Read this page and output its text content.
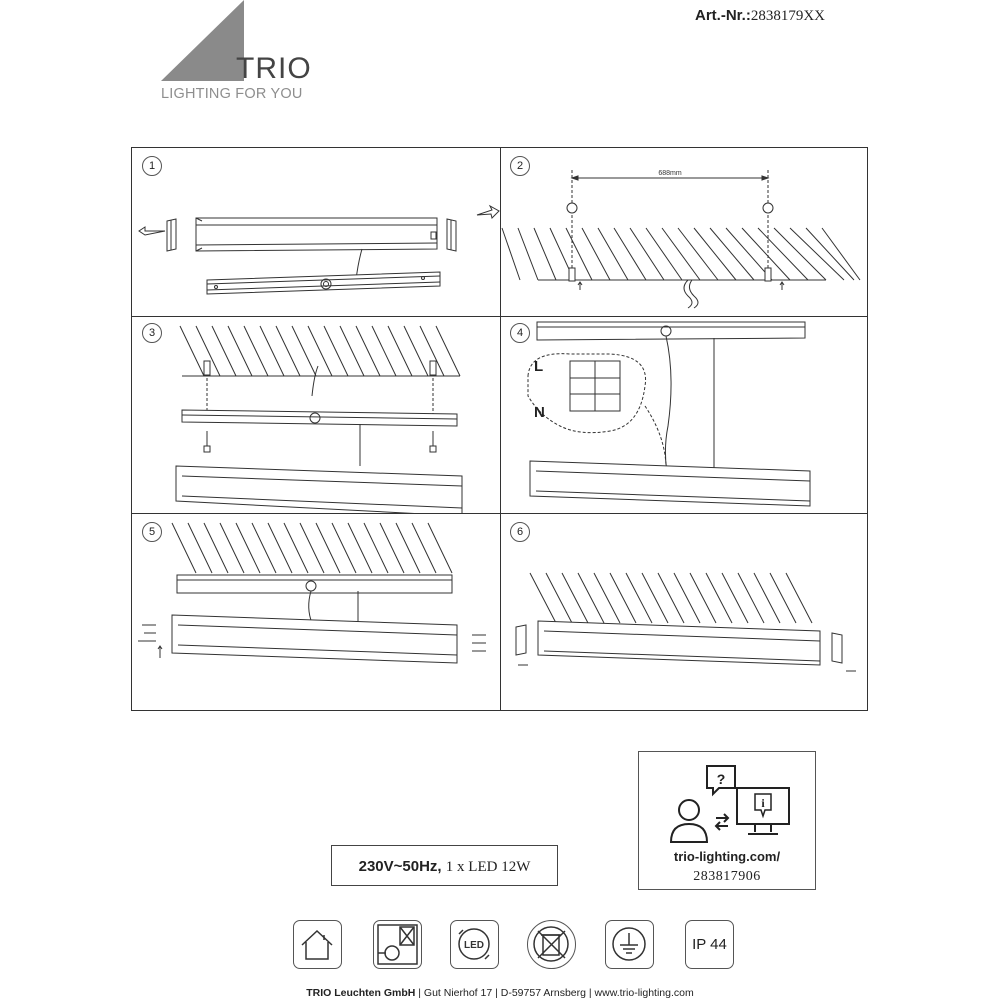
TRIO
LIGHTING FOR YOU
Art.-Nr.:2838179XX
1	2
688mm
3	4
L
N
5	6
230V~50Hz, 1 x LED 12W
?
i
trio-lighting.com/
283817906
LED	IP 44
TRIO Leuchten GmbH | Gut Nierhof 17 | D-59757 Arnsberg | www.trio-lighting.com
